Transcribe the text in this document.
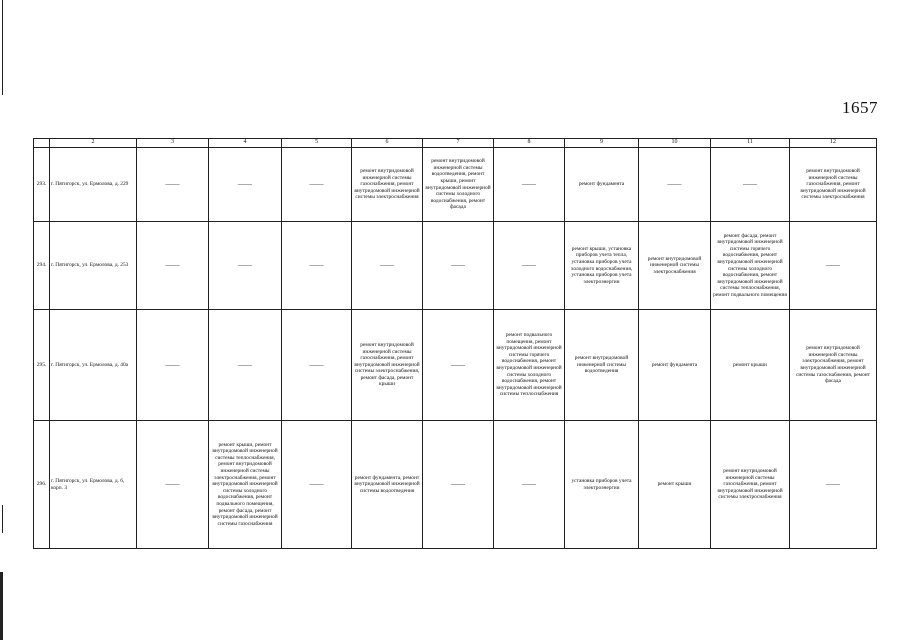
1657
	2	3	4	5	6	7	8	9	10	11	12
293.	г. Пятигорск, ул. Ермолова, д. 229	——	——	——	ремонт внутридомовой инженерной системы газоснабжения, ремонт внутридомовой инженерной системы электроснабжения	ремонт внутридомовой инженерной системы водоотведения, ремонт крыши, ремонт внутридомовой инженерной системы холодного водоснабжения, ремонт фасада	——	ремонт фундамента	——	——	ремонт внутридомовой инженерной системы газоснабжения, ремонт внутридомовой инженерной системы электроснабжения
294.	г. Пятигорск, ул. Ермолова, д. 253	——	——	——	——	——	——	ремонт крыши, установка приборов учета тепла, установка приборов учета холодного водоснабжения, установка приборов учета электроэнергии	ремонт внутридомовой инженерной системы электроснабжения	ремонт фасада, ремонт внутридомовой инженерной системы горячего водоснабжения, ремонт внутридомовой инженерной системы холодного водоснабжения, ремонт внутридомовой инженерной системы теплоснабжения, ремонт подвального помещения	——
295.	г. Пятигорск, ул. Ермолова, д. 40а	——	——	——	ремонт внутридомовой инженерной системы газоснабжения, ремонт внутридомовой инженерной системы электроснабжения, ремонт фасада, ремонт крыши	——	ремонт подвального помещения, ремонт внутридомовой инженерной системы горячего водоснабжения, ремонт внутридомовой инженерной системы холодного водоснабжения, ремонт внутридомовой инженерной системы теплоснабжения	ремонт внутридомовой инженерной системы водоотведения	ремонт фундамента	ремонт крыши	ремонт внутридомовой инженерной системы электроснабжения, ремонт внутридомовой инженерной системы газоснабжения, ремонт фасада
296.	г. Пятигорск, ул. Ермолова, д. 6, корп. 3	——	ремонт крыши, ремонт внутридомовой инженерной системы теплоснабжения, ремонт внутридомовой инженерной системы электроснабжения, ремонт внутридомовой инженерной системы холодного водоснабжения, ремонт подвального помещения, ремонт фасада, ремонт внутридомовой инженерной системы газоснабжения	——	ремонт фундамента, ремонт внутридомовой инженерной системы водоотведения	——	——	установка приборов учета электроэнергии	ремонт крыши	ремонт внутридомовой инженерной системы газоснабжения, ремонт внутридомовой инженерной системы электроснабжения	——
